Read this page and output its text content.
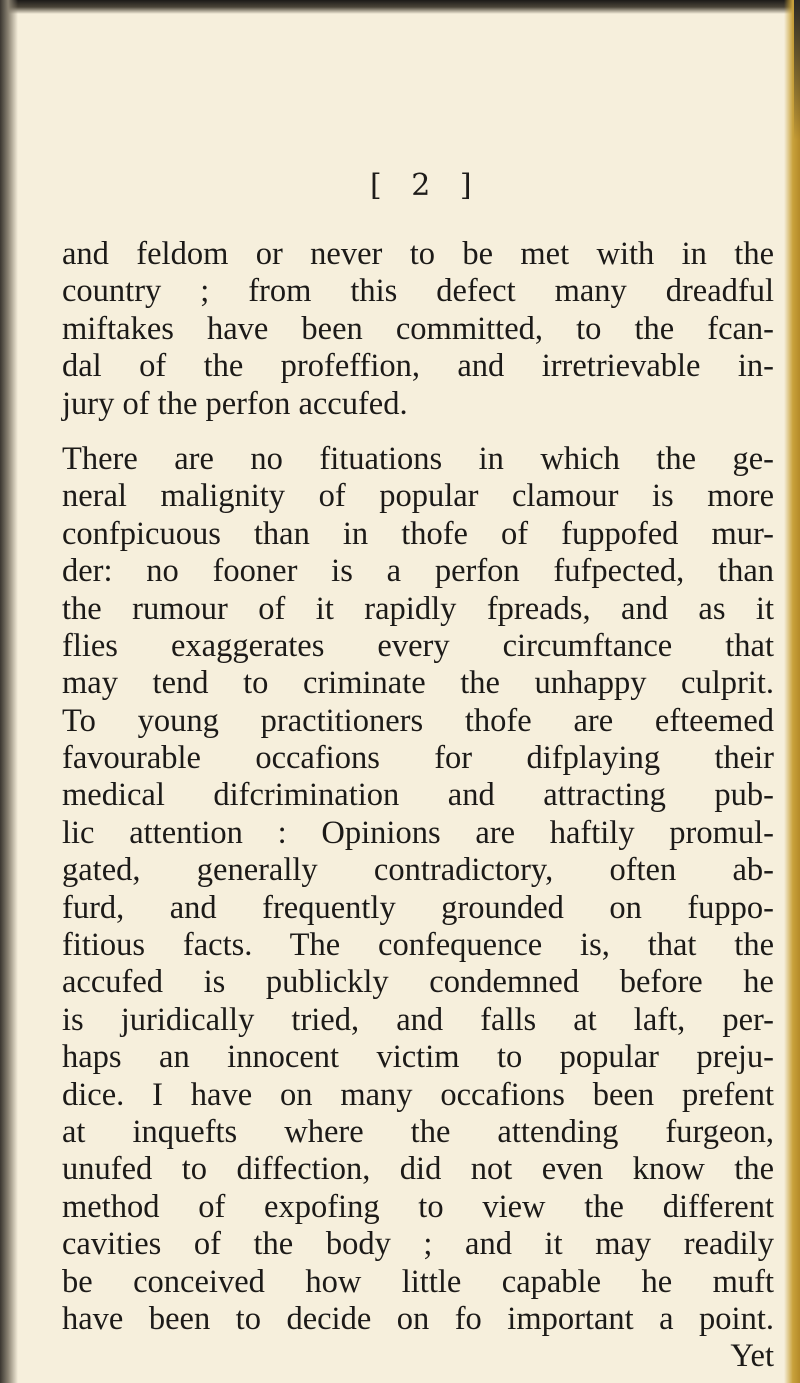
[ 2 ]
and feldom or never to be met with in the
country ; from this defect many dreadful
miftakes have been committed, to the fcan-
dal of the profeffion, and irretrievable in-
jury of the perfon accufed.
There are no fituations in which the ge-
neral malignity of popular clamour is more
confpicuous than in thofe of fuppofed mur-
der: no fooner is a perfon fufpected, than
the rumour of it rapidly fpreads, and as it
flies exaggerates every circumftance that
may tend to criminate the unhappy culprit.
To young practitioners thofe are efteemed
favourable occafions for difplaying their
medical difcrimination and attracting pub-
lic attention : Opinions are haftily promul-
gated, generally contradictory, often ab-
furd, and frequently grounded on fuppo-
fitious facts. The confequence is, that the
accufed is publickly condemned before he
is juridically tried, and falls at laft, per-
haps an innocent victim to popular preju-
dice. I have on many occafions been prefent
at inquefts where the attending furgeon,
unufed to diffection, did not even know the
method of expofing to view the different
cavities of the body ; and it may readily
be conceived how little capable he muft
have been to decide on fo important a point.
Yet
